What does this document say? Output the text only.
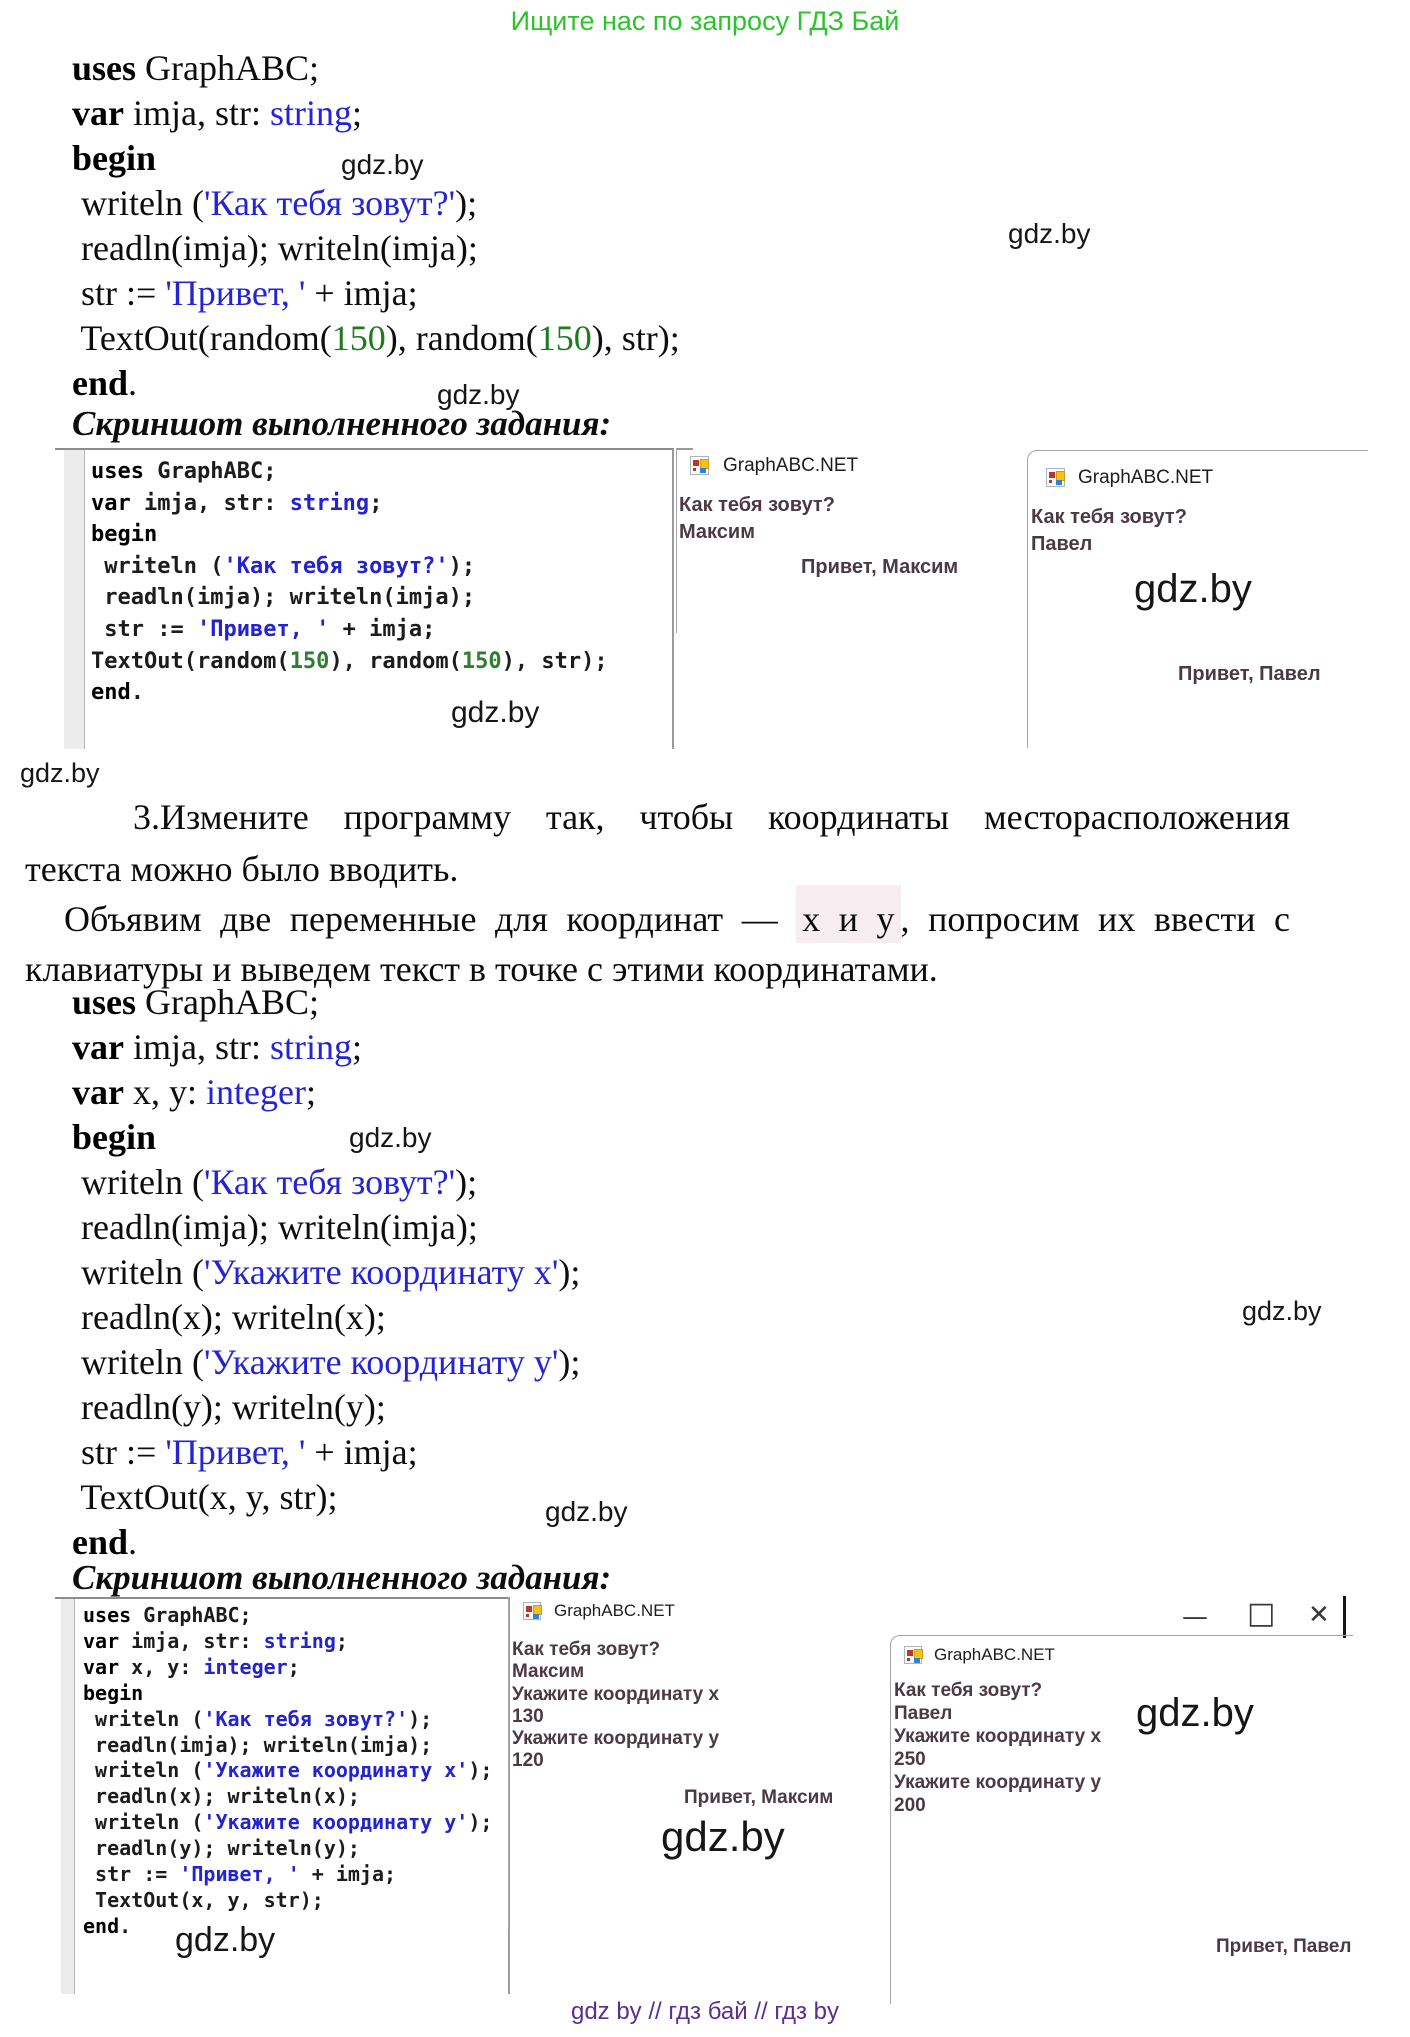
Ищите нас по запросу ГДЗ Бай
uses GraphABC;
var imja, str: string;
begin
writeln ('Как тебя зовут?');
readln(imja); writeln(imja);
str := 'Привет, ' + imja;
TextOut(random(150), random(150), str);
end.
gdz.by
gdz.by
gdz.by
Скриншот выполненного задания:
uses GraphABC;
var imja, str: string;
begin
writeln ('Как тебя зовут?');
readln(imja); writeln(imja);
str := 'Привет, ' + imja;
TextOut(random(150), random(150), str);
end.
gdz.by
GraphABC.NET
Как тебя зовут?
Максим
Привет, Максим
GraphABC.NET
Как тебя зовут?
Павел
gdz.by
Привет, Павел
gdz.by
3.Измените программу так, чтобы координаты месторасположения
текста можно было вводить.
Объявим две переменные для координат — х и у , попросим их ввести с
клавиатуры и выведем текст в точке с этими координатами.
uses GraphABC;
var imja, str: string;
var x, y: integer;
begin
writeln ('Как тебя зовут?');
readln(imja); writeln(imja);
writeln ('Укажите координату x');
readln(x); writeln(x);
writeln ('Укажите координату y');
readln(y); writeln(y);
str := 'Привет, ' + imja;
TextOut(x, y, str);
end.
gdz.by
gdz.by
gdz.by
Скриншот выполненного задания:
uses GraphABC;
var imja, str: string;
var x, y: integer;
begin
writeln ('Как тебя зовут?');
readln(imja); writeln(imja);
writeln ('Укажите координату x');
readln(x); writeln(x);
writeln ('Укажите координату y');
readln(y); writeln(y);
str := 'Привет, ' + imja;
TextOut(x, y, str);
end.	gdz.by
GraphABC.NET
Как тебя зовут?
Максим
Укажите координату x
130
Укажите координату y
120
Привет, Максим
gdz.by
— □ ✕
GraphABC.NET
Как тебя зовут?
Павел
Укажите координату x
250
Укажите координату y
200
gdz.by
Привет, Павел
gdz by // гдз бай // гдз by
